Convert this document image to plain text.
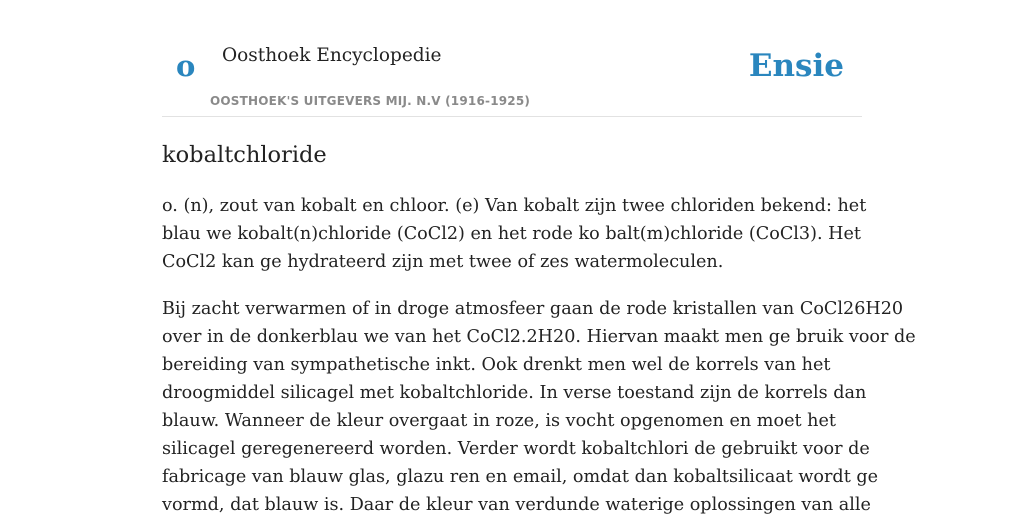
o Oosthoek Encyclopedie
OOSTHOEK'S UITGEVERS MIJ. N.V (1916-1925)
Ensie
kobaltchloride
o. (n), zout van kobalt en chloor. (e) Van kobalt zijn twee chloriden bekend: het
blau we kobalt(n)chloride (CoCl2) en het rode ko balt(m)chloride (CoCl3). Het
CoCl2 kan ge hydrateerd zijn met twee of zes watermoleculen.
Bij zacht verwarmen of in droge atmosfeer gaan de rode kristallen van CoCl26H20
over in de donkerblau we van het CoCl2.2H20. Hiervan maakt men ge bruik voor de
bereiding van sympathetische inkt. Ook drenkt men wel de korrels van het
droogmiddel silicagel met kobaltchloride. In verse toestand zijn de korrels dan
blauw. Wanneer de kleur overgaat in roze, is vocht opgenomen en moet het
silicagel geregenereerd worden. Verder wordt kobaltchlori de gebruikt voor de
fabricage van blauw glas, glazu ren en email, omdat dan kobaltsilicaat wordt ge
vormd, dat blauw is. Daar de kleur van verdunde waterige oplossingen van alle
